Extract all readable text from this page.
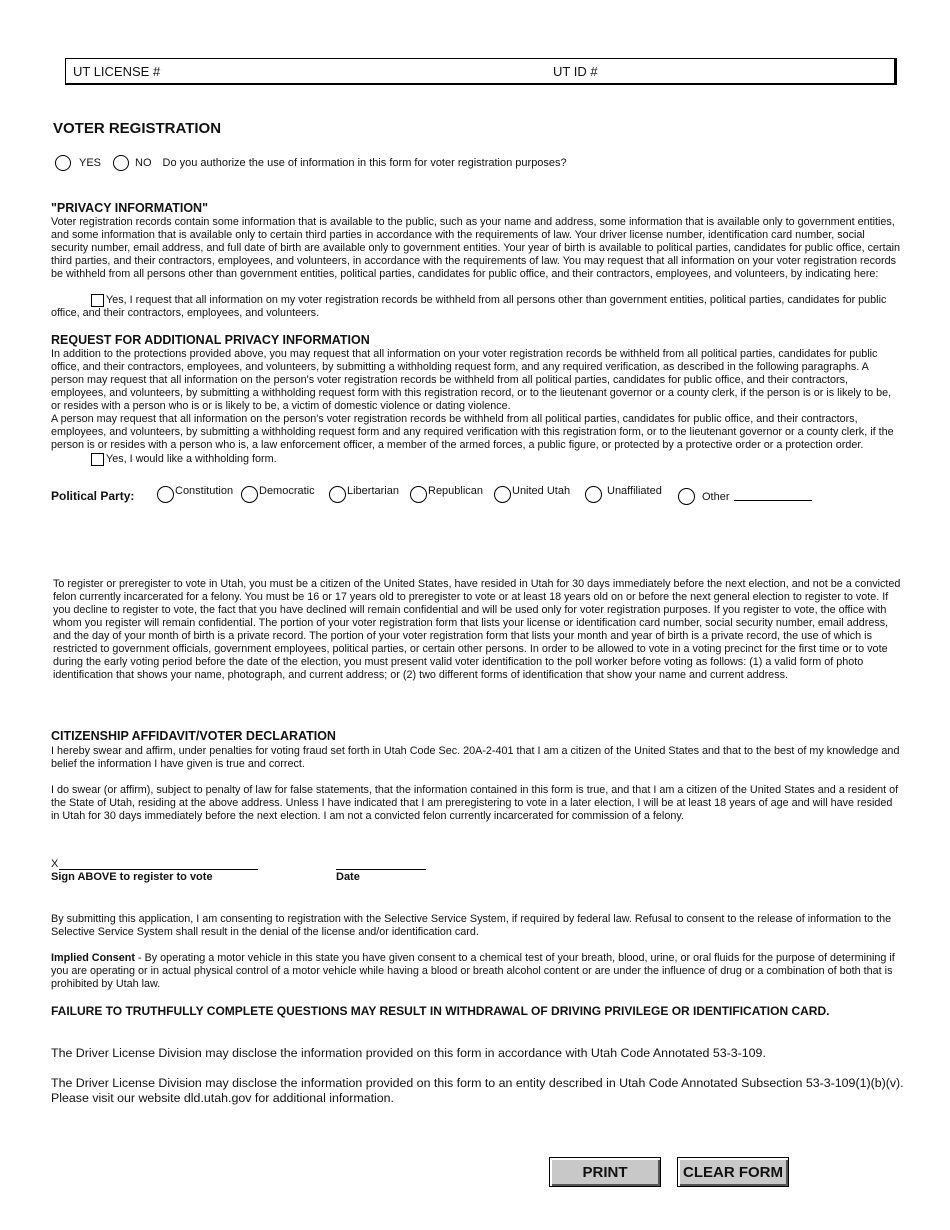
UT LICENSE #	UT ID #
VOTER REGISTRATION
YES	NO Do you authorize the use of information in this form for voter registration purposes?
"PRIVACY INFORMATION"
Voter registration records contain some information that is available to the public, such as your name and address, some information that is available only to government entities, and some information that is available only to certain third parties in accordance with the requirements of law. Your driver license number, identification card number, social security number, email address, and full date of birth are available only to government entities. Your year of birth is available to political parties, candidates for public office, certain third parties, and their contractors, employees, and volunteers, in accordance with the requirements of law. You may request that all information on your voter registration records be withheld from all persons other than government entities, political parties, candidates for public office, and their contractors, employees, and volunteers, by indicating here:
Yes, I request that all information on my voter registration records be withheld from all persons other than government entities, political parties, candidates for public office, and their contractors, employees, and volunteers.
REQUEST FOR ADDITIONAL PRIVACY INFORMATION
In addition to the protections provided above, you may request that all information on your voter registration records be withheld from all political parties, candidates for public office, and their contractors, employees, and volunteers, by submitting a withholding request form, and any required verification, as described in the following paragraphs. A person may request that all information on the person's voter registration records be withheld from all political parties, candidates for public office, and their contractors, employees, and volunteers, by submitting a withholding request form with this registration record, or to the lieutenant governor or a county clerk, if the person is or is likely to be, or resides with a person who is or is likely to be, a victim of domestic violence or dating violence.
A person may request that all information on the person's voter registration records be withheld from all political parties, candidates for public office, and their contractors, employees, and volunteers, by submitting a withholding request form and any required verification with this registration form, or to the lieutenant governor or a county clerk, if the person is or resides with a person who is, a law enforcement officer, a member of the armed forces, a public figure, or protected by a protective order or a protection order.
Yes, I would like a withholding form.
Political Party:	Constitution Democratic	Libertarian	Republican	United Utah	Unaffiliated	Other
To register or preregister to vote in Utah, you must be a citizen of the United States, have resided in Utah for 30 days immediately before the next election, and not be a convicted felon currently incarcerated for a felony. You must be 16 or 17 years old to preregister to vote or at least 18 years old on or before the next general election to register to vote. If you decline to register to vote, the fact that you have declined will remain confidential and will be used only for voter registration purposes. If you register to vote, the office with whom you register will remain confidential. The portion of your voter registration form that lists your license or identification card number, social security number, email address, and the day of your month of birth is a private record. The portion of your voter registration form that lists your month and year of birth is a private record, the use of which is restricted to government officials, government employees, political parties, or certain other persons. In order to be allowed to vote in a voting precinct for the first time or to vote during the early voting period before the date of the election, you must present valid voter identification to the poll worker before voting as follows: (1) a valid form of photo identification that shows your name, photograph, and current address; or (2) two different forms of identification that show your name and current address.
CITIZENSHIP AFFIDAVIT/VOTER DECLARATION
I hereby swear and affirm, under penalties for voting fraud set forth in Utah Code Sec. 20A-2-401 that I am a citizen of the United States and that to the best of my knowledge and belief the information I have given is true and correct.
I do swear (or affirm), subject to penalty of law for false statements, that the information contained in this form is true, and that I am a citizen of the United States and a resident of the State of Utah, residing at the above address. Unless I have indicated that I am preregistering to vote in a later election, I will be at least 18 years of age and will have resided in Utah for 30 days immediately before the next election. I am not a convicted felon currently incarcerated for commission of a felony.
X
Sign ABOVE to register to vote	Date
By submitting this application, I am consenting to registration with the Selective Service System, if required by federal law. Refusal to consent to the release of information to the Selective Service System shall result in the denial of the license and/or identification card.
Implied Consent - By operating a motor vehicle in this state you have given consent to a chemical test of your breath, blood, urine, or oral fluids for the purpose of determining if you are operating or in actual physical control of a motor vehicle while having a blood or breath alcohol content or are under the influence of drug or a combination of both that is prohibited by Utah law.
FAILURE TO TRUTHFULLY COMPLETE QUESTIONS MAY RESULT IN WITHDRAWAL OF DRIVING PRIVILEGE OR IDENTIFICATION CARD.
The Driver License Division may disclose the information provided on this form in accordance with Utah Code Annotated 53-3-109.
The Driver License Division may disclose the information provided on this form to an entity described in Utah Code Annotated Subsection 53-3-109(1)(b)(v). Please visit our website dld.utah.gov for additional information.
PRINT	CLEAR FORM
